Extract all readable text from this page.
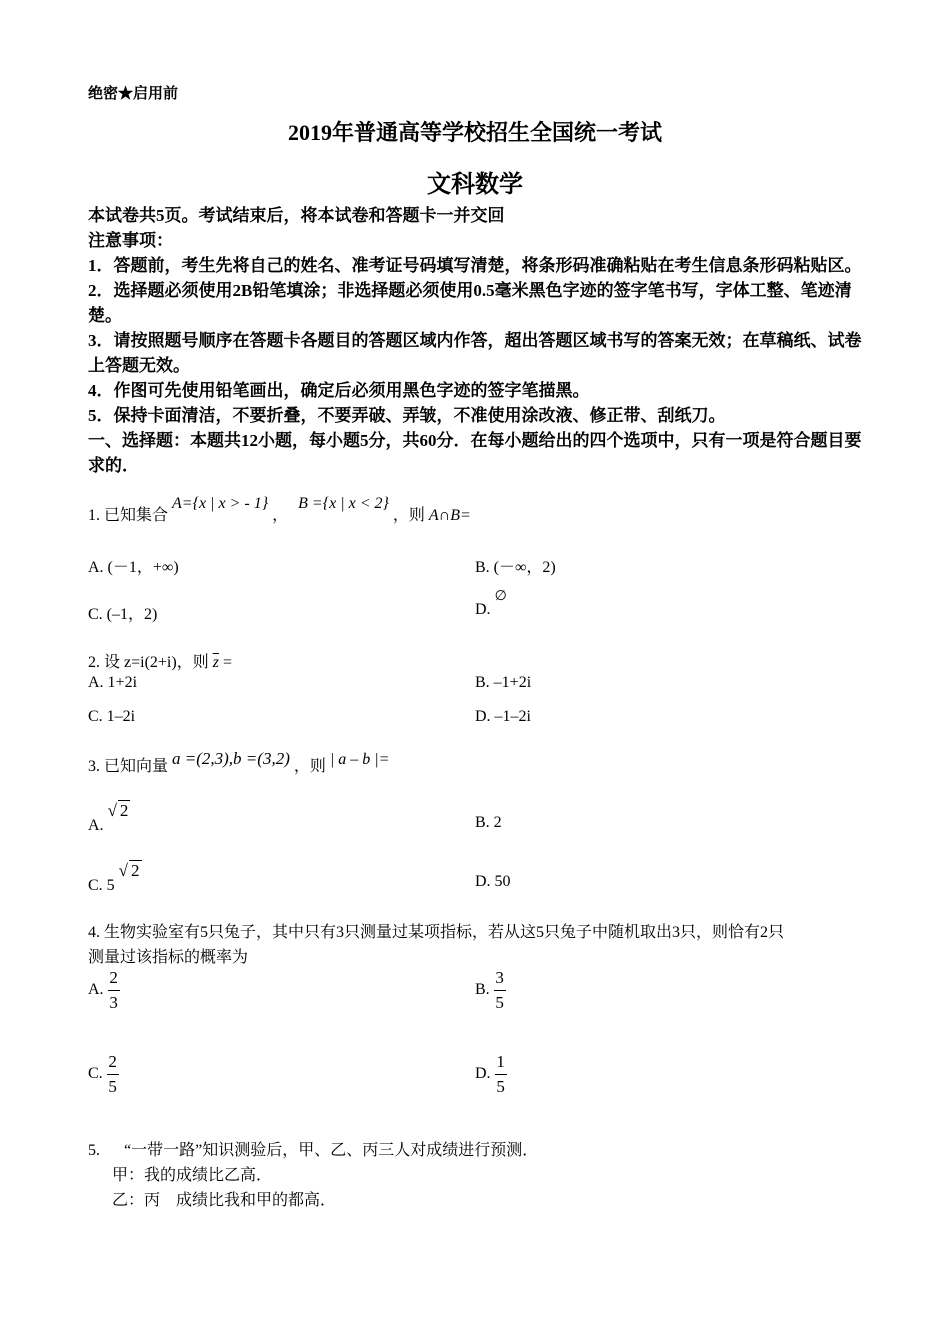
绝密★启用前
2019年普通高等学校招生全国统一考试
文科数学
本试卷共5页。考试结束后，将本试卷和答题卡一并交回
注意事项：
1．答题前，考生先将自己的姓名、准考证号码填写清楚，将条形码准确粘贴在考生信息条形码粘贴区。
2．选择题必须使用2B铅笔填涂；非选择题必须使用0.5毫米黑色字迹的签字笔书写，字体工整、笔迹清楚。
3．请按照题号顺序在答题卡各题目的答题区域内作答，超出答题区域书写的答案无效；在草稿纸、试卷上答题无效。
4．作图可先使用铅笔画出，确定后必须用黑色字迹的签字笔描黑。
5．保持卡面清洁，不要折叠，不要弄破、弄皱，不准使用涂改液、修正带、刮纸刀。
一、选择题：本题共12小题，每小题5分，共60分．在每小题给出的四个选项中，只有一项是符合题目要求的．
1. 已知集合 A={x | x > - 1} ， B ={x | x < 2} ，则 A∩B=
A. (－1，+∞)	B. (－∞，2)
C. (–1，2)	D. ∅
2. 设 z=i(2+i)，则 $\overline{z}$ =
A. 1+2i	B. –1+2i
C. 1–2i	D. –1–2i
3. 已知向量 a =(2,3),b =(3,2) ，则 | a – b |=
A. √ 2
B. 2
C. 5 √ 2
D. 50
4. 生物实验室有5只兔子，其中只有3只测量过某项指标，若从这5只兔子中随机取出3只，则恰有2只
测量过该指标的概率为
A. $\frac{2}{3}$	B. $\frac{3}{5}$
C. $\frac{2}{5}$	D. $\frac{1}{5}$
5. “一带一路”知识测验后，甲、乙、丙三人对成绩进行预测．
甲：我的成绩比乙高．
乙：丙　成绩比我和甲的都高．
